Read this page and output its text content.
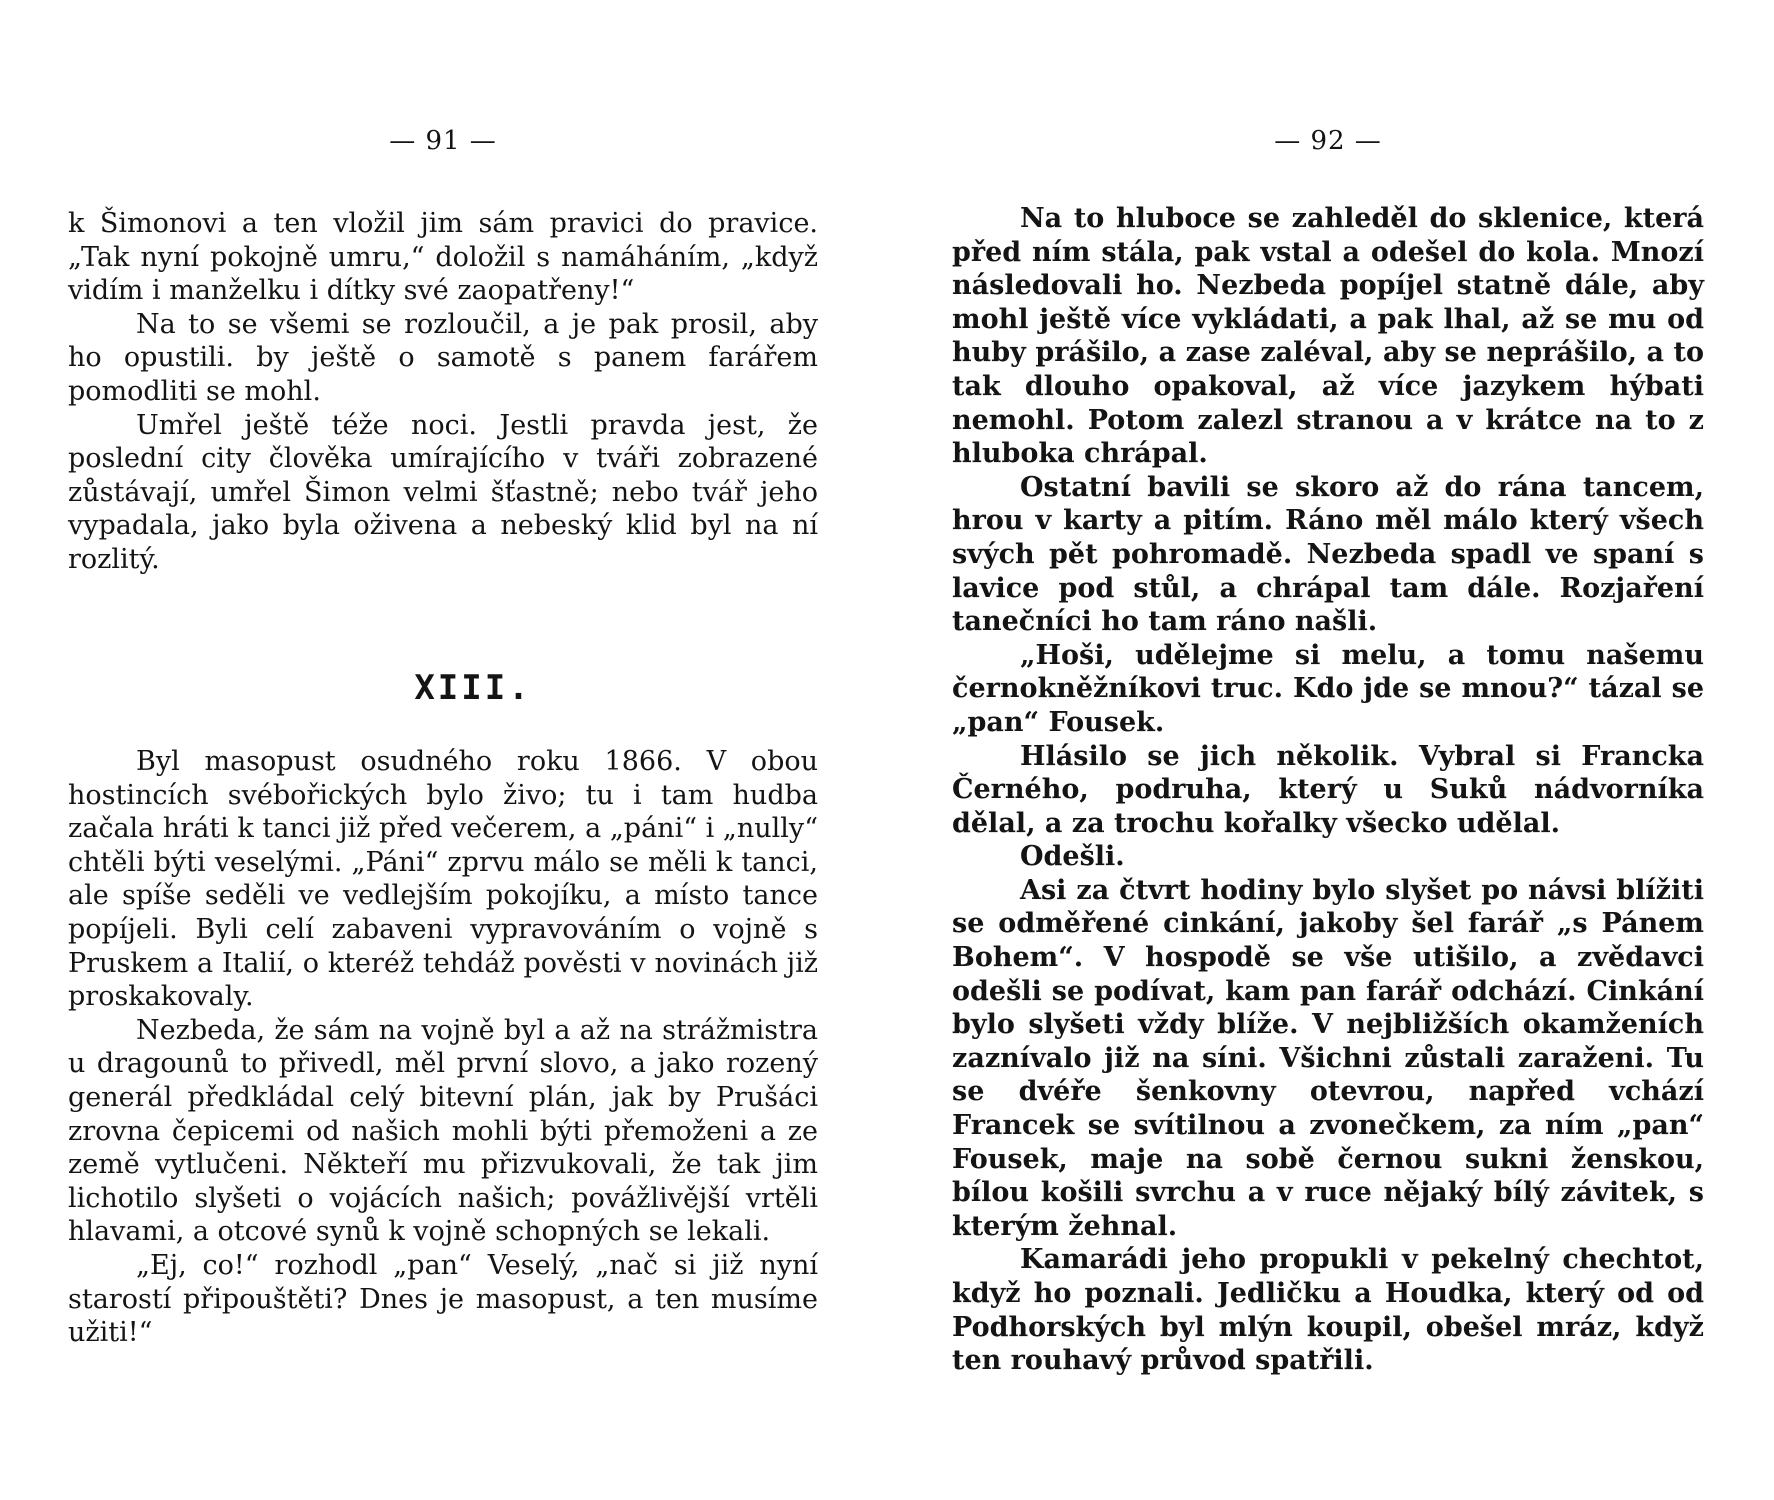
— 91 —

k Šimonovi a ten vložil jim sám pravici do pravice. „Tak nyní pokojně umru,“ doložil s namáháním, „když vidím i manželku i dítky své zaopatřeny!“

Na to se všemi se rozloučil, a je pak prosil, aby ho opustili. by ještě o samotě s panem farářem pomodliti se mohl.

Umřel ještě téže noci. Jestli pravda jest, že poslední city člověka umírajícího v tváři zobrazené zůstávají, umřel Šimon velmi šťastně; nebo tvář jeho vypadala, jako byla oživena a nebeský klid byl na ní rozlitý.

XIII.

Byl masopust osudného roku 1866. V obou hostincích svébořických bylo živo; tu i tam hudba začala hráti k tanci již před večerem, a „páni“ i „nully“ chtěli býti veselými. „Páni“ zprvu málo se měli k tanci, ale spíše seděli ve vedlejším pokojíku, a místo tance popíjeli. Byli celí zabaveni vypravováním o vojně s Pruskem a Italií, o kteréž tehdáž pověsti v novinách již proskakovaly.

Nezbeda, že sám na vojně byl a až na strážmistra u dragounů to přivedl, měl první slovo, a jako rozený generál předkládal celý bitevní plán, jak by Prušáci zrovna čepicemi od našich mohli býti přemoženi a ze země vytlučeni. Někteří mu přizvukovali, že tak jim lichotilo slyšeti o vojácích našich; povážlivější vrtěli hlavami, a otcové synů k vojně schopných se lekali.

„Ej, co!“ rozhodl „pan“ Veselý, „nač si již nyní starostí připouštěti? Dnes je masopust, a ten musíme užiti!“

— 92 —

Na to hluboce se zahleděl do sklenice, která před ním stála, pak vstal a odešel do kola. Mnozí následovali ho. Nezbeda popíjel statně dále, aby mohl ještě více vykládati, a pak lhal, až se mu od huby prášilo, a zase zaléval, aby se neprášilo, a to tak dlouho opakoval, až více jazykem hýbati nemohl. Potom zalezl stranou a v krátce na to z hluboka chrápal.

Ostatní bavili se skoro až do rána tancem, hrou v karty a pitím. Ráno měl málo který všech svých pět pohromadě. Nezbeda spadl ve spaní s lavice pod stůl, a chrápal tam dále. Rozjaření tanečníci ho tam ráno našli.

„Hoši, udělejme si melu, a tomu našemu černokněžníkovi truc. Kdo jde se mnou?“ tázal se „pan“ Fousek.

Hlásilo se jich několik. Vybral si Francka Černého, podruha, který u Suků nádvorníka dělal, a za trochu kořalky všecko udělal.

Odešli.

Asi za čtvrt hodiny bylo slyšet po návsi blížiti se odměřené cinkání, jakoby šel farář „s Pánem Bohem“. V hospodě se vše utišilo, a zvědavci odešli se podívat, kam pan farář odchází. Cinkání bylo slyšeti vždy blíže. V nejbližších okamženích zaznívalo již na síni. Všichni zůstali zaraženi. Tu se dvéře šenkovny otevrou, napřed vchází Francek se svítilnou a zvonečkem, za ním „pan“ Fousek, maje na sobě černou sukni ženskou, bílou košili svrchu a v ruce nějaký bílý závitek, s kterým žehnal.

Kamarádi jeho propukli v pekelný chechtot, když ho poznali. Jedličku a Houdka, který od od Podhorských byl mlýn koupil, obešel mráz, když ten rouhavý průvod spatřili.
